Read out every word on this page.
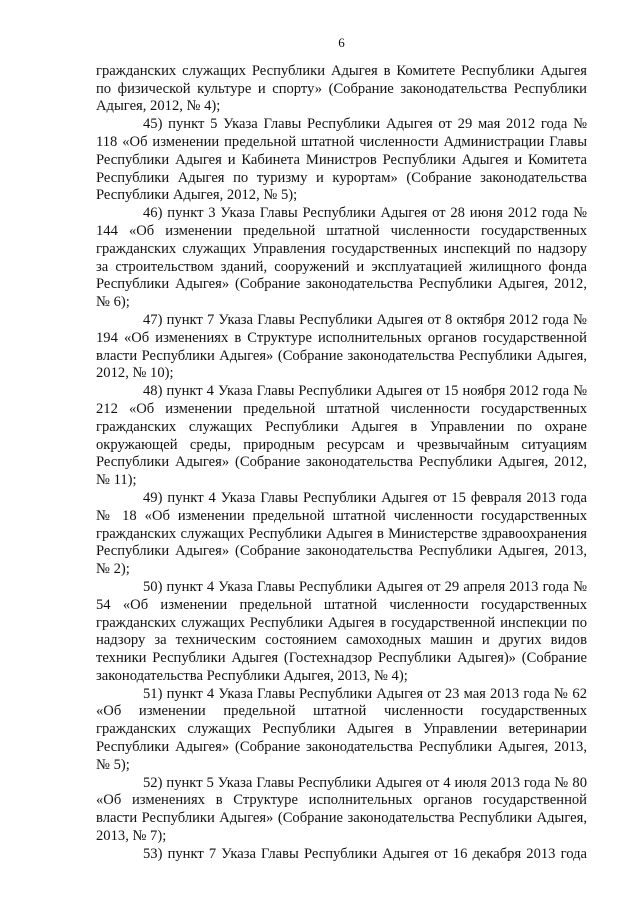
6

гражданских служащих Республики Адыгея в Комитете Республики Адыгея по физической культуре и спорту» (Собрание законодательства Республики Адыгея, 2012, № 4);

45) пункт 5 Указа Главы Республики Адыгея от 29 мая 2012 года № 118 «Об изменении предельной штатной численности Администрации Главы Республики Адыгея и Кабинета Министров Республики Адыгея и Комитета Республики Адыгея по туризму и курортам» (Собрание законодательства Республики Адыгея, 2012, № 5);

46) пункт 3 Указа Главы Республики Адыгея от 28 июня 2012 года № 144 «Об изменении предельной штатной численности государственных гражданских служащих Управления государственных инспекций по надзору за строительством зданий, сооружений и эксплуатацией жилищного фонда Республики Адыгея» (Собрание законодательства Республики Адыгея, 2012, № 6);

47) пункт 7 Указа Главы Республики Адыгея от 8 октября 2012 года № 194 «Об изменениях в Структуре исполнительных органов государственной власти Республики Адыгея» (Собрание законодательства Республики Адыгея, 2012, № 10);

48) пункт 4 Указа Главы Республики Адыгея от 15 ноября 2012 года № 212 «Об изменении предельной штатной численности государственных гражданских служащих Республики Адыгея в Управлении по охране окружающей среды, природным ресурсам и чрезвычайным ситуациям Республики Адыгея» (Собрание законодательства Республики Адыгея, 2012, № 11);

49) пункт 4 Указа Главы Республики Адыгея от 15 февраля 2013 года № 18 «Об изменении предельной штатной численности государственных гражданских служащих Республики Адыгея в Министерстве здравоохранения Республики Адыгея» (Собрание законодательства Республики Адыгея, 2013, № 2);

50) пункт 4 Указа Главы Республики Адыгея от 29 апреля 2013 года № 54 «Об изменении предельной штатной численности государственных гражданских служащих Республики Адыгея в государственной инспекции по надзору за техническим состоянием самоходных машин и других видов техники Республики Адыгея (Гостехнадзор Республики Адыгея)» (Собрание законодательства Республики Адыгея, 2013, № 4);

51) пункт 4 Указа Главы Республики Адыгея от 23 мая 2013 года № 62 «Об изменении предельной штатной численности государственных гражданских служащих Республики Адыгея в Управлении ветеринарии Республики Адыгея» (Собрание законодательства Республики Адыгея, 2013, № 5);

52) пункт 5 Указа Главы Республики Адыгея от 4 июля 2013 года № 80 «Об изменениях в Структуре исполнительных органов государственной власти Республики Адыгея» (Собрание законодательства Республики Адыгея, 2013, № 7);

53) пункт 7 Указа Главы Республики Адыгея от 16 декабря 2013 года
